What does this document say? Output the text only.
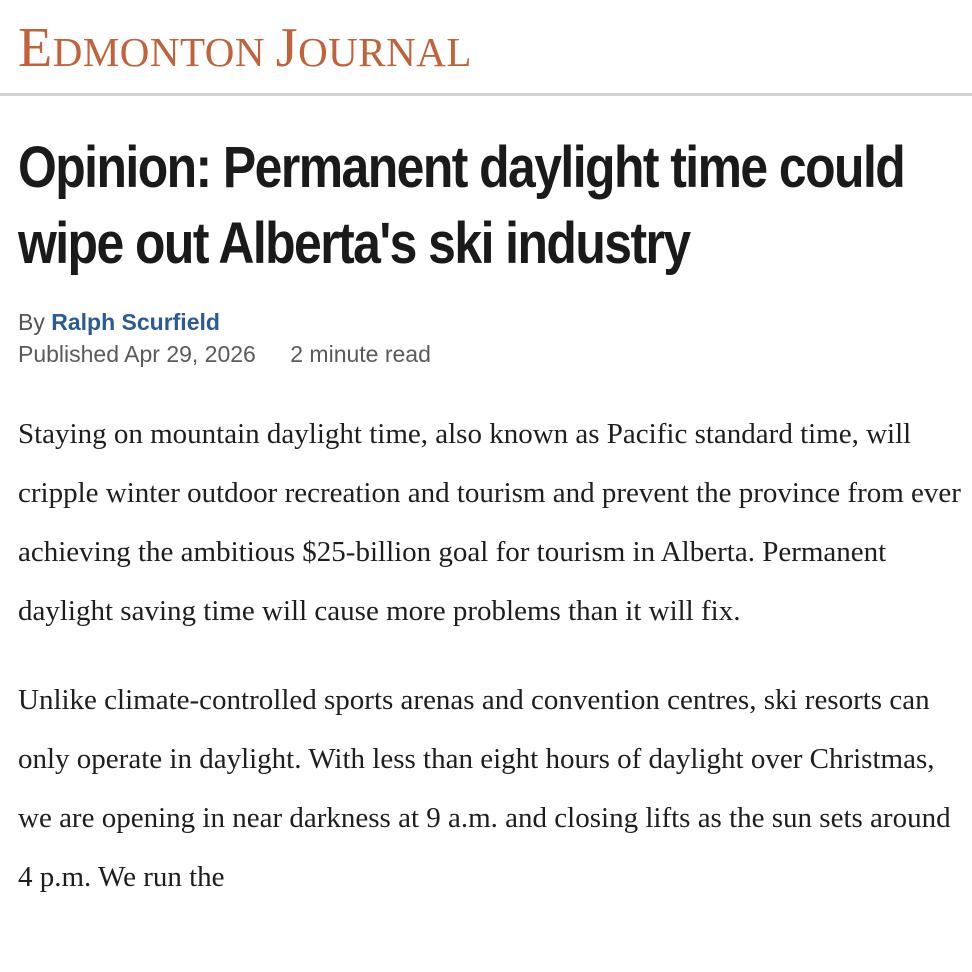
EDMONTON JOURNAL
Opinion: Permanent daylight time could wipe out Alberta's ski industry
By Ralph Scurfield
Published Apr 29, 2026 2 minute read

Staying on mountain daylight time, also known as Pacific standard time, will cripple winter outdoor recreation and tourism and prevent the province from ever achieving the ambitious $25-billion goal for tourism in Alberta. Permanent daylight saving time will cause more problems than it will fix.

Unlike climate-controlled sports arenas and convention centres, ski resorts can only operate in daylight. With less than eight hours of daylight over Christmas, we are opening in near darkness at 9 a.m. and closing lifts as the sun sets around 4 p.m. We run the
